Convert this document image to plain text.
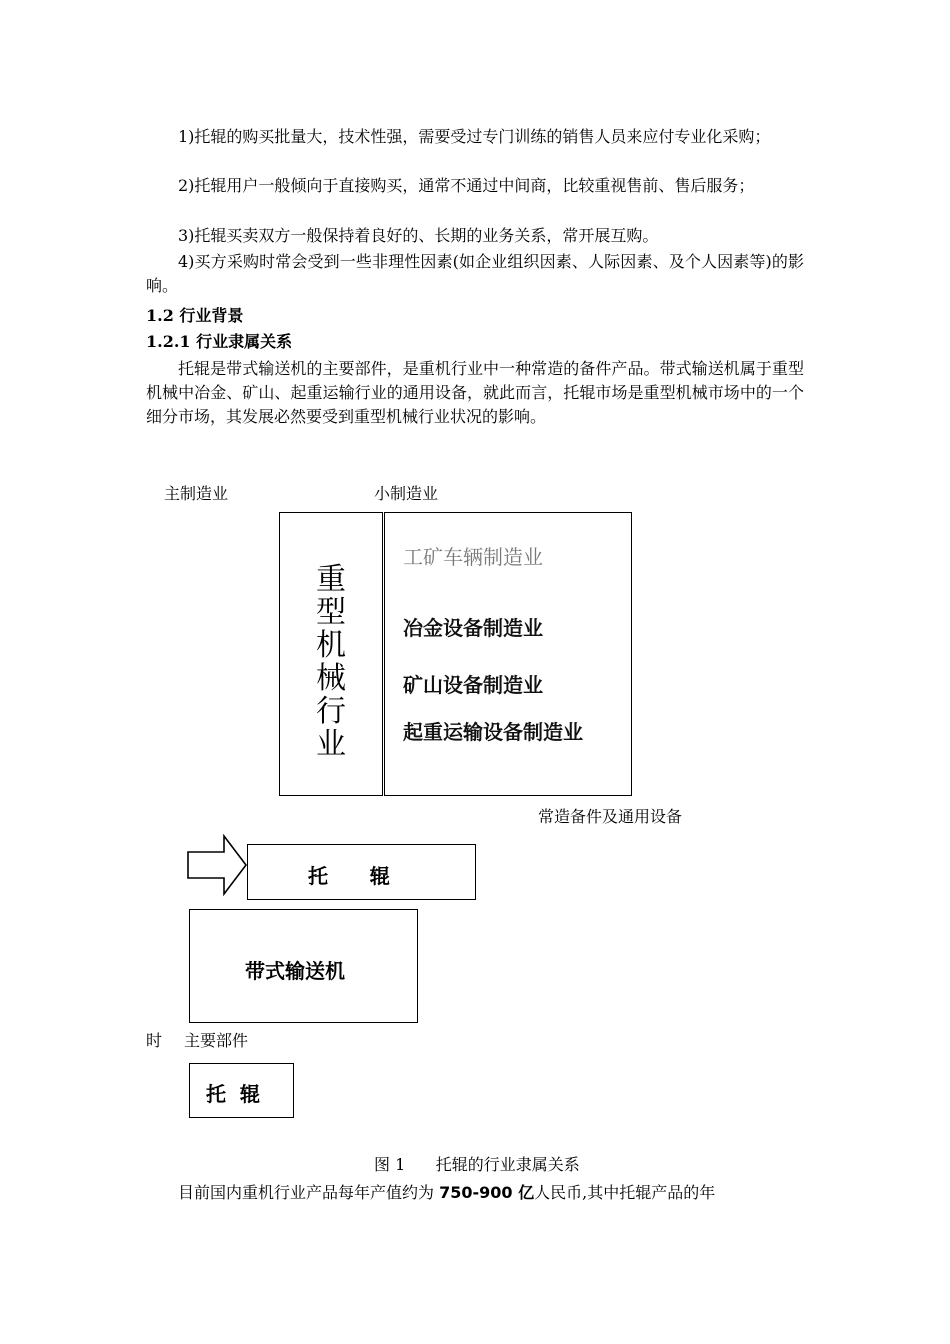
1)托辊的购买批量大，技术性强，需要受过专门训练的销售人员来应付专业化采购；

2)托辊用户一般倾向于直接购买，通常不通过中间商，比较重视售前、售后服务；

3)托辊买卖双方一般保持着良好的、长期的业务关系，常开展互购。

4)买方采购时常会受到一些非理性因素(如企业组织因素、人际因素、及个人因素等)的影响。

1.2 行业背景
1.2.1 行业隶属关系

托辊是带式输送机的主要部件，是重机行业中一种常造的备件产品。带式输送机属于重型机械中冶金、矿山、起重运输行业的通用设备，就此而言，托辊市场是重型机械市场中的一个细分市场，其发展必然要受到重型机械行业状况的影响。

主制造业	小制造业
重型机械行业
工矿车辆制造业
冶金设备制造业
矿山设备制造业
起重运输设备制造业
常造备件及通用设备
托      辊
带式输送机
时 主要部件
托  辊
图 1      托辊的行业隶属关系
目前国内重机行业产品每年产值约为 750-900 亿人民币,其中托辊产品的年
